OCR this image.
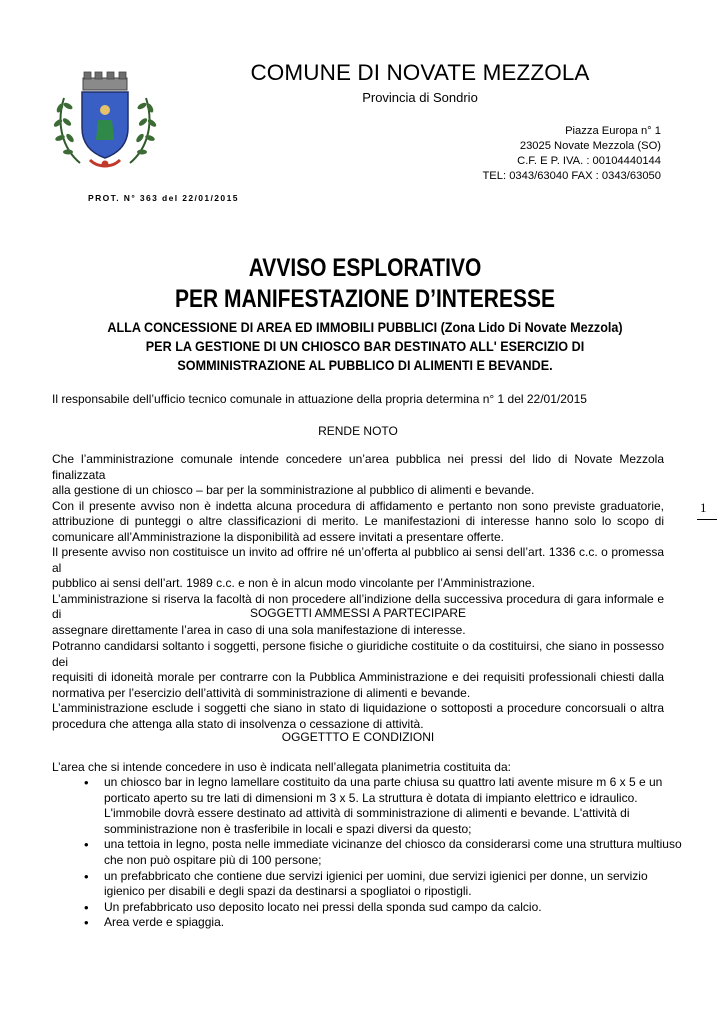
COMUNE DI NOVATE MEZZOLA
Provincia di Sondrio
Piazza Europa n° 1
23025 Novate Mezzola (SO)
C.F. E P. IVA. : 00104440144
TEL: 0343/63040 FAX : 0343/63050
PROT. N° 363 del 22/01/2015
AVVISO ESPLORATIVO
PER MANIFESTAZIONE D’INTERESSE
ALLA CONCESSIONE DI AREA ED IMMOBILI PUBBLICI (Zona Lido Di Novate Mezzola)
PER LA GESTIONE DI UN CHIOSCO BAR DESTINATO ALL' ESERCIZIO DI
SOMMINISTRAZIONE AL PUBBLICO DI ALIMENTI E BEVANDE.
Il responsabile dell’ufficio tecnico comunale in attuazione della propria determina n° 1 del 22/01/2015
RENDE NOTO
Che l’amministrazione comunale intende concedere un’area pubblica nei pressi del lido di Novate Mezzola finalizzata
alla gestione di un chiosco – bar per la somministrazione al pubblico di alimenti e bevande.
Con il presente avviso non è indetta alcuna procedura di affidamento e pertanto non sono previste graduatorie,
attribuzione di punteggi o altre classificazioni di merito. Le manifestazioni di interesse hanno solo lo scopo di
comunicare all’Amministrazione la disponibilità ad essere invitati a presentare offerte.
Il presente avviso non costituisce un invito ad offrire né un’offerta al pubblico ai sensi dell’art. 1336 c.c. o promessa al
pubblico ai sensi dell’art. 1989 c.c. e non è in alcun modo vincolante per l’Amministrazione.
L’amministrazione si riserva la facoltà di non procedere all’indizione della successiva procedura di gara informale e di
assegnare direttamente l’area in caso di una sola manifestazione di interesse.
SOGGETTI AMMESSI A PARTECIPARE
Potranno candidarsi soltanto i soggetti, persone fisiche o giuridiche costituite o da costituirsi, che siano in possesso dei
requisiti di idoneità morale per contrarre con la Pubblica Amministrazione e dei requisiti professionali chiesti dalla
normativa per l’esercizio dell’attività di somministrazione di alimenti e bevande.
L’amministrazione esclude i soggetti che siano in stato di liquidazione o sottoposti a procedure concorsuali o altra
procedura che attenga alla stato di insolvenza o cessazione di attività.
OGGETTTO E CONDIZIONI
L’area che si intende concedere in uso è indicata nell’allegata planimetria costituita da:
• un chiosco bar in legno lamellare costituito da una parte chiusa su quattro lati avente misure m 6 x 5 e un porticato aperto su tre lati di dimensioni m 3 x 5. La struttura è dotata di impianto elettrico e idraulico. L'immobile dovrà essere destinato ad attività di somministrazione di alimenti e bevande. L'attività di somministrazione non è trasferibile in locali e spazi diversi da questo;
• una tettoia in legno, posta nelle immediate vicinanze del chiosco da considerarsi come una struttura multiuso che non può ospitare più di 100 persone;
• un prefabbricato che contiene due servizi igienici per uomini, due servizi igienici per donne, un servizio igienico per disabili e degli spazi da destinarsi a spogliatoi o ripostigli.
• Un prefabbricato uso deposito locato nei pressi della sponda sud campo da calcio.
• Area verde e spiaggia.
1
